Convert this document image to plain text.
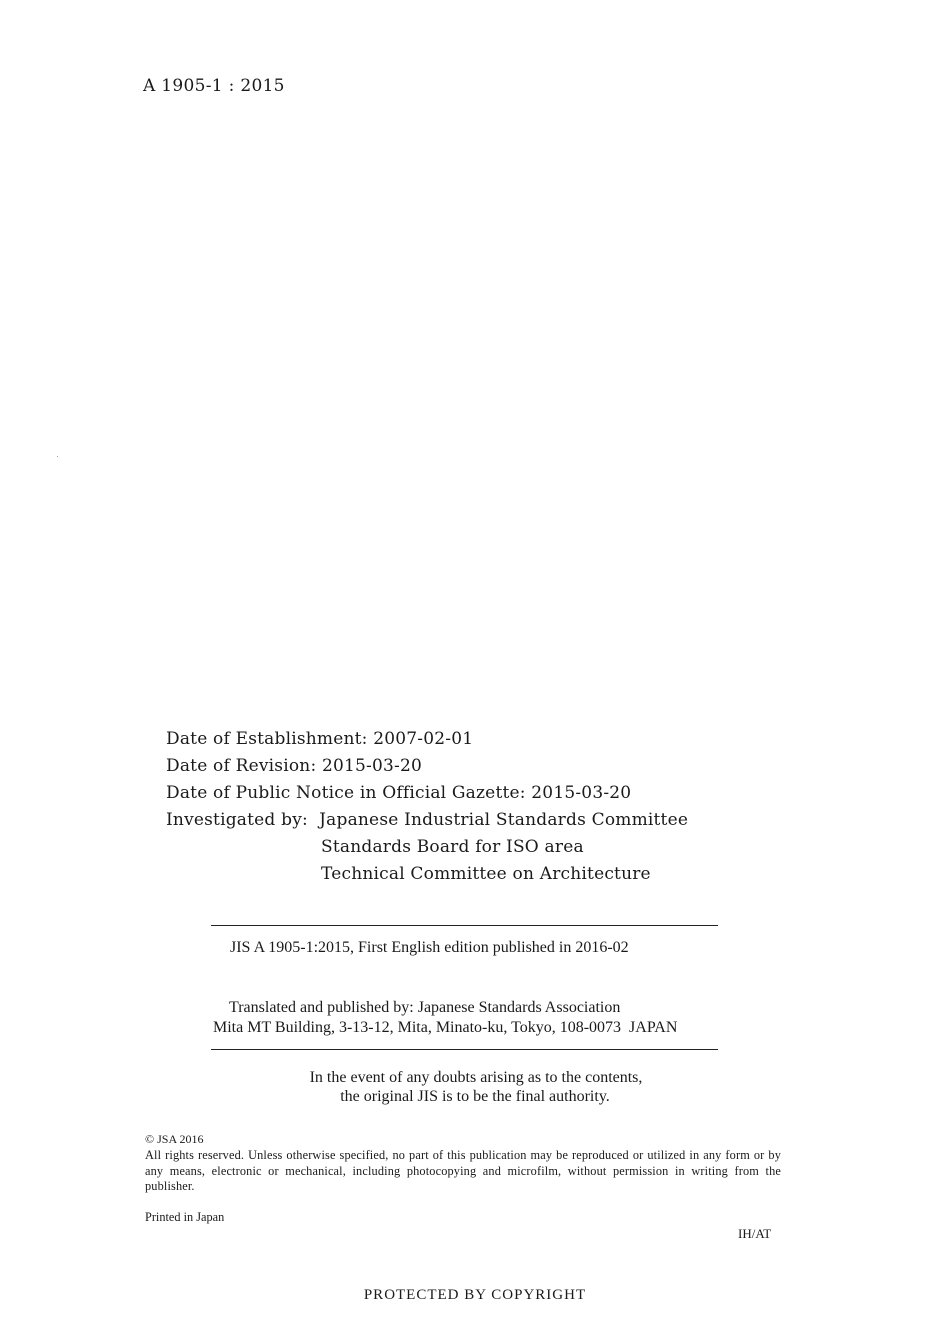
A 1905-1 : 2015
Date of Establishment: 2007-02-01
Date of Revision: 2015-03-20
Date of Public Notice in Official Gazette: 2015-03-20
Investigated by:  Japanese Industrial Standards Committee
Standards Board for ISO area
Technical Committee on Architecture
JIS A 1905-1:2015, First English edition published in 2016-02
Translated and published by: Japanese Standards Association
Mita MT Building, 3-13-12, Mita, Minato-ku, Tokyo, 108-0073  JAPAN
In the event of any doubts arising as to the contents,
the original JIS is to be the final authority.
© JSA 2016
All rights reserved. Unless otherwise specified, no part of this publication may be reproduced or utilized in any form or by any means, electronic or mechanical, including photocopying and microfilm, without permission in writing from the publisher.
Printed in Japan
IH/AT
PROTECTED BY COPYRIGHT
